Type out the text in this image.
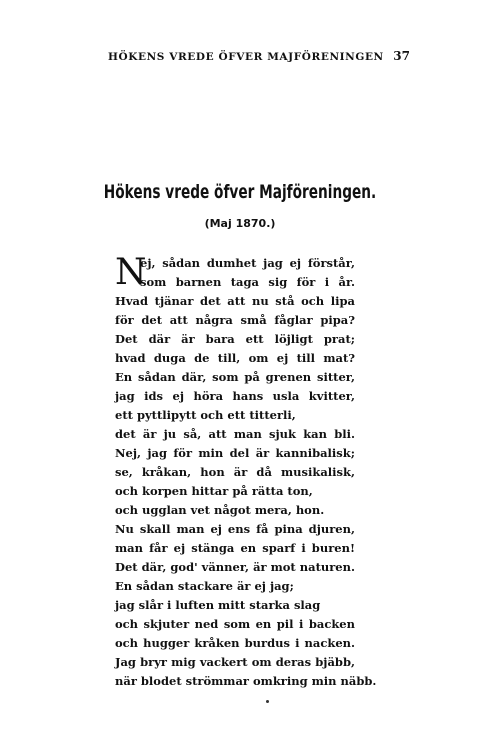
HÖKENS VREDE ÖFVER MAJFÖRENINGEN 37
Hökens vrede öfver Majföreningen.
(Maj 1870.)
N
ej, sådan dumhet jag ej förstår,
som barnen taga sig för i år.
Hvad tjänar det att nu stå och lipa
för det att några små fåglar pipa?
Det där är bara ett löjligt prat;
hvad duga de till, om ej till mat?
En sådan där, som på grenen sitter,
jag ids ej höra hans usla kvitter,
ett pyttlipytt och ett titterli,
det är ju så, att man sjuk kan bli.
Nej, jag för min del är kannibalisk;
se, kråkan, hon är då musikalisk,
och korpen hittar på rätta ton,
och ugglan vet något mera, hon.
Nu skall man ej ens få pina djuren,
man får ej stänga en sparf i buren!
Det där, god' vänner, är mot naturen.
En sådan stackare är ej jag;
jag slår i luften mitt starka slag
och skjuter ned som en pil i backen
och hugger kråken burdus i nacken.
Jag bryr mig vackert om deras bjäbb,
när blodet strömmar omkring min näbb.
